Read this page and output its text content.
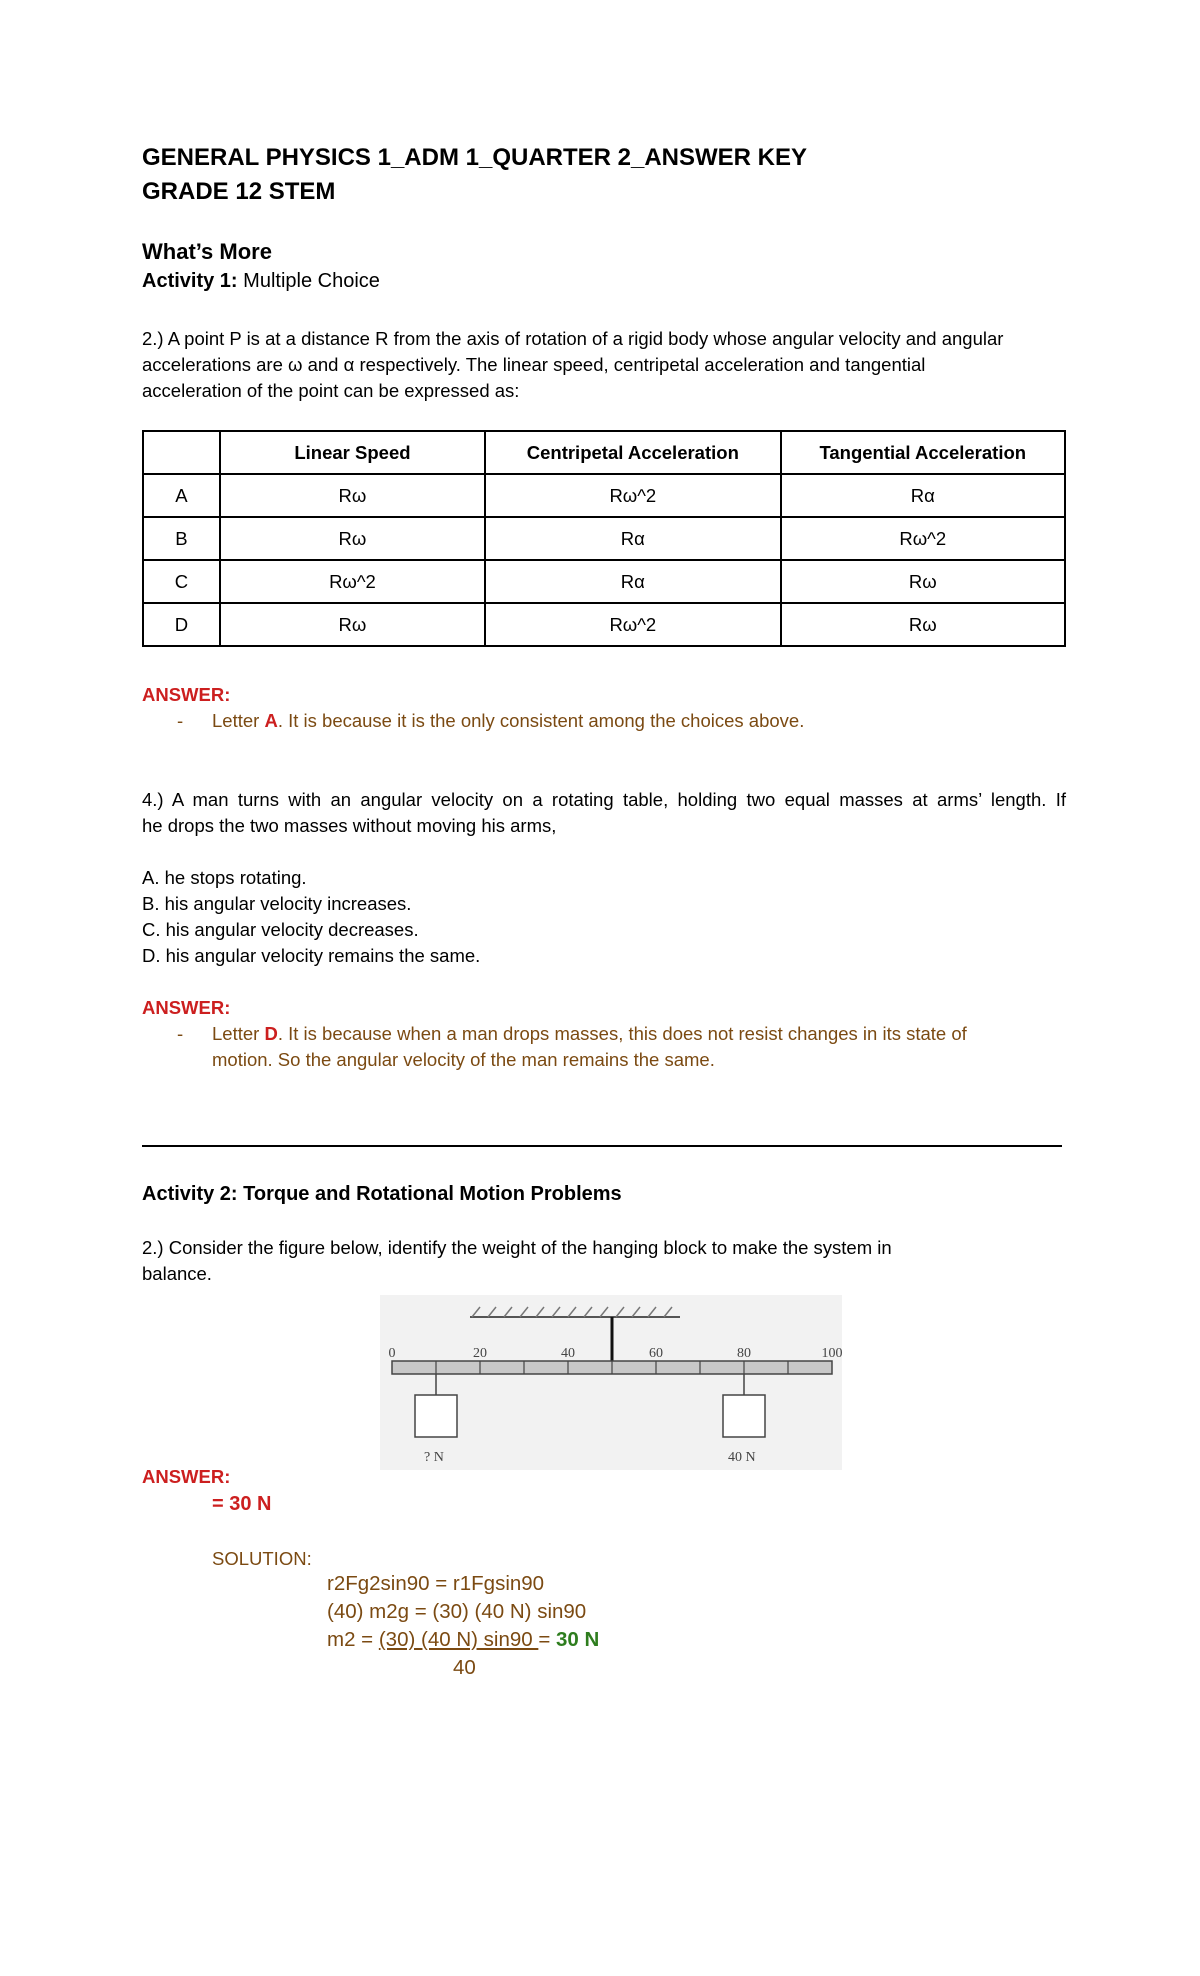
GENERAL PHYSICS 1_ADM 1_QUARTER 2_ANSWER KEY
GRADE 12 STEM
What’s More
Activity 1: Multiple Choice
2.) A point P is at a distance R from the axis of rotation of a rigid body whose angular velocity and angular
accelerations are ω and α respectively. The linear speed, centripetal acceleration and tangential
acceleration of the point can be expressed as:
	Linear Speed	Centripetal Acceleration	Tangential Acceleration
A	Rω	Rω^2	Rα
B	Rω	Rα	Rω^2
C	Rω^2	Rα	Rω
D	Rω	Rω^2	Rω
ANSWER:
- Letter A. It is because it is the only consistent among the choices above.
4.) A man turns with an angular velocity on a rotating table, holding two equal masses at arms’ length. If
he drops the two masses without moving his arms,
A. he stops rotating.
B. his angular velocity increases.
C. his angular velocity decreases.
D. his angular velocity remains the same.
ANSWER:
- Letter D. It is because when a man drops masses, this does not resist changes in its state of
motion. So the angular velocity of the man remains the same.
Activity 2: Torque and Rotational Motion Problems
2.) Consider the figure below, identify the weight of the hanging block to make the system in
balance.
0	20	40	60	80	100
? N	40 N
ANSWER:
= 30 N
SOLUTION:
r2Fg2sin90 = r1Fgsin90
(40) m2g = (30) (40 N) sin90
m2 = (30) (40 N) sin90 = 30 N
40
